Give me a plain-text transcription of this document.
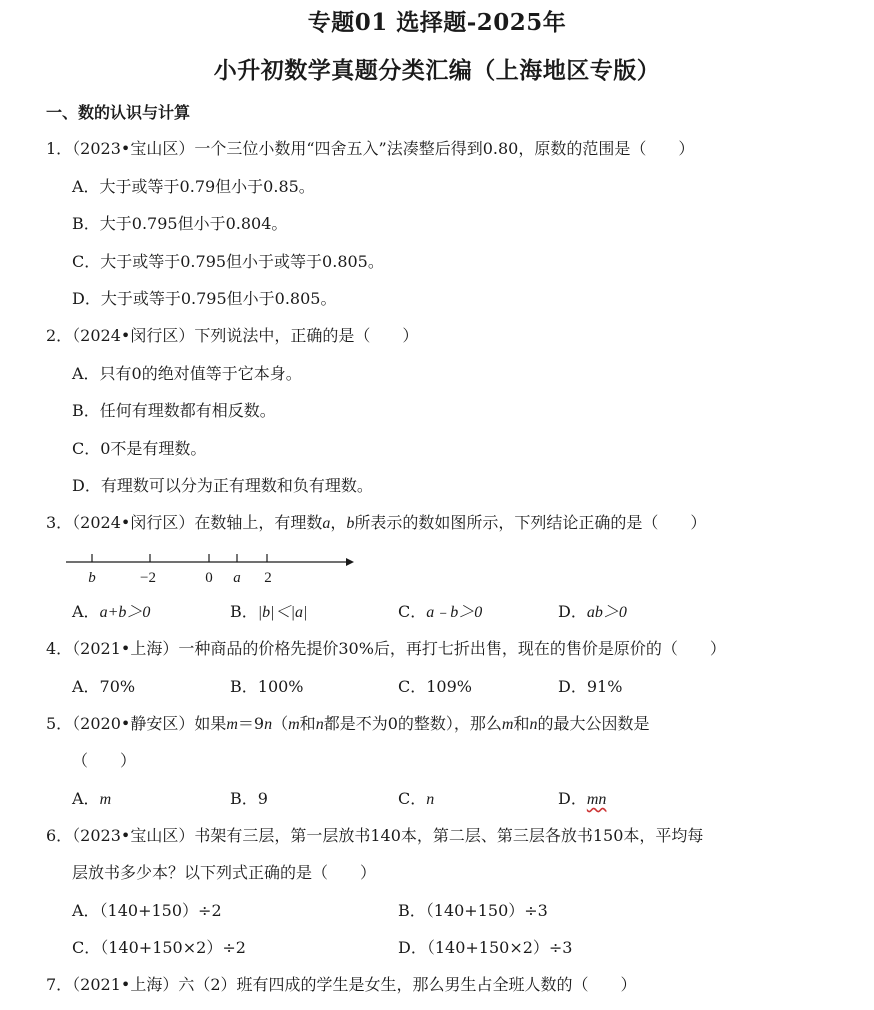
专题01 选择题-2025年
小升初数学真题分类汇编（上海地区专版）
一、数的认识与计算
1．（2023•宝山区）一个三位小数用“四舍五入”法凑整后得到0.80，原数的范围是（　　）
A．大于或等于0.79但小于0.85。
B．大于0.795但小于0.804。
C．大于或等于0.795但小于或等于0.805。
D．大于或等于0.795但小于0.805。
2．（2024•闵行区）下列说法中，正确的是（　　）
A．只有0的绝对值等于它本身。
B．任何有理数都有相反数。
C．0不是有理数。
D．有理数可以分为正有理数和负有理数。
3．（2024•闵行区）在数轴上，有理数a，b所表示的数如图所示，下列结论正确的是（　　）
b	−2	0 a 2
A．a+b＞0	B．|b|＜|a|	C．a﹣b＞0	D．ab＞0
4．（2021•上海）一种商品的价格先提价30%后，再打七折出售，现在的售价是原价的（　　）
A．70%	B．100%	C．109%	D．91%
5．（2020•静安区）如果m＝9n（m和n都是不为0的整数），那么m和n的最大公因数是
（　　）
A．m	B．9	C．n	D．mn
6．（2023•宝山区）书架有三层，第一层放书140本，第二层、第三层各放书150本，平均每
层放书多少本？以下列式正确的是（　　）
A．（140+150）÷2	B．（140+150）÷3
C．（140+150×2）÷2	D．（140+150×2）÷3
7．（2021•上海）六（2）班有四成的学生是女生，那么男生占全班人数的（　　）
